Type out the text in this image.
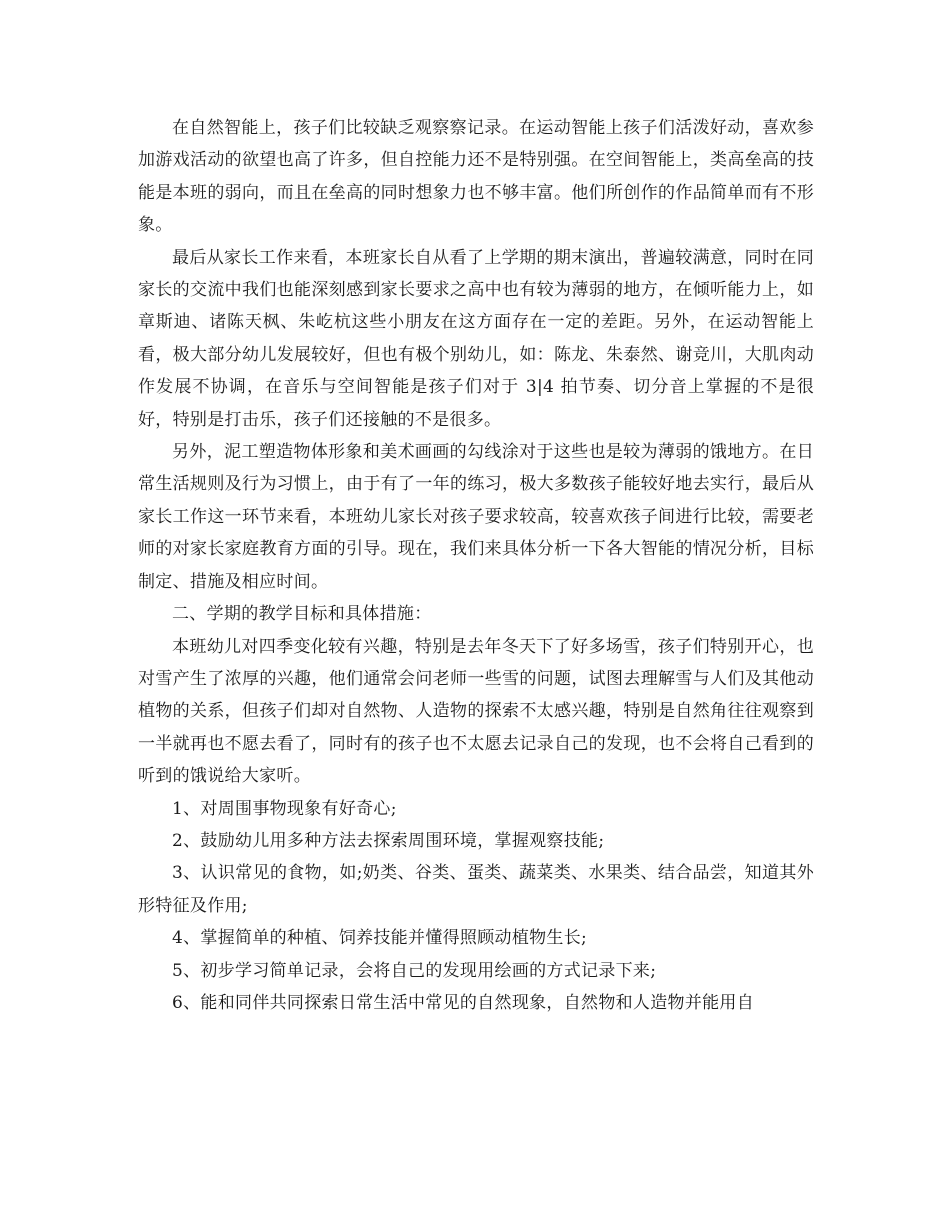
在自然智能上，孩子们比较缺乏观察察记录。在运动智能上孩子们活泼好动，喜欢参加游戏活动的欲望也高了许多，但自控能力还不是特别强。在空间智能上，类高垒高的技能是本班的弱向，而且在垒高的同时想象力也不够丰富。他们所创作的作品简单而有不形象。

最后从家长工作来看，本班家长自从看了上学期的期末演出，普遍较满意，同时在同家长的交流中我们也能深刻感到家长要求之高中也有较为薄弱的地方，在倾听能力上，如章斯迪、诸陈天枫、朱屹杭这些小朋友在这方面存在一定的差距。另外，在运动智能上看，极大部分幼儿发展较好，但也有极个别幼儿，如：陈龙、朱泰然、谢竞川，大肌肉动作发展不协调，在音乐与空间智能是孩子们对于 3|4 拍节奏、切分音上掌握的不是很好，特别是打击乐，孩子们还接触的不是很多。

另外，泥工塑造物体形象和美术画画的勾线涂对于这些也是较为薄弱的饿地方。在日常生活规则及行为习惯上，由于有了一年的练习，极大多数孩子能较好地去实行，最后从家长工作这一环节来看，本班幼儿家长对孩子要求较高，较喜欢孩子间进行比较，需要老师的对家长家庭教育方面的引导。现在，我们来具体分析一下各大智能的情况分析，目标制定、措施及相应时间。

二、学期的教学目标和具体措施：

本班幼儿对四季变化较有兴趣，特别是去年冬天下了好多场雪，孩子们特别开心，也对雪产生了浓厚的兴趣，他们通常会问老师一些雪的问题，试图去理解雪与人们及其他动植物的关系，但孩子们却对自然物、人造物的探索不太感兴趣，特别是自然角往往观察到一半就再也不愿去看了，同时有的孩子也不太愿去记录自己的发现，也不会将自己看到的听到的饿说给大家听。

1、对周围事物现象有好奇心;

2、鼓励幼儿用多种方法去探索周围环境，掌握观察技能;

3、认识常见的食物，如;奶类、谷类、蛋类、蔬菜类、水果类、结合品尝，知道其外形特征及作用;

4、掌握简单的种植、饲养技能并懂得照顾动植物生长;

5、初步学习简单记录，会将自己的发现用绘画的方式记录下来;

6、能和同伴共同探索日常生活中常见的自然现象，自然物和人造物并能用自
